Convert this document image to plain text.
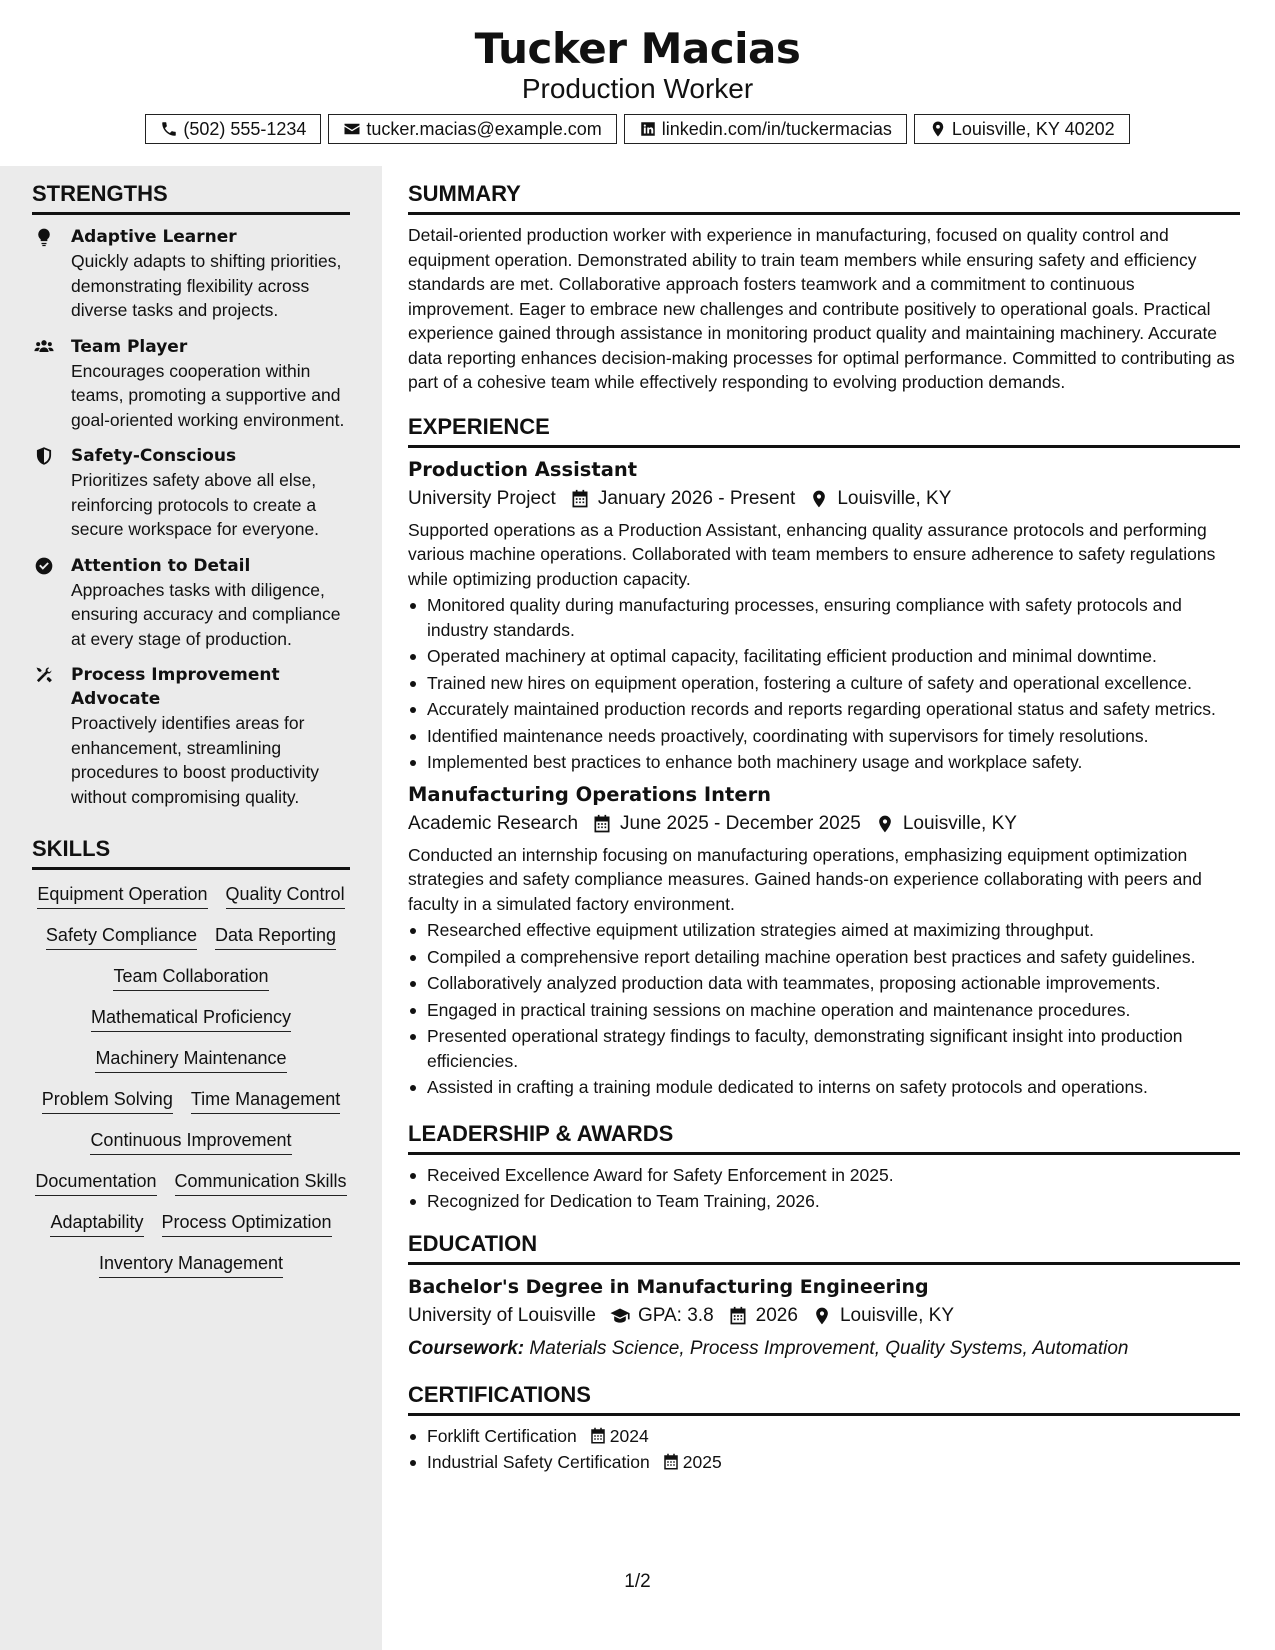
Tucker Macias
Production Worker
(502) 555-1234	tucker.macias@example.com	linkedin.com/in/tuckermacias	Louisville, KY 40202
STRENGTHS
Adaptive Learner
Quickly adapts to shifting priorities, demonstrating flexibility across diverse tasks and projects.
Team Player
Encourages cooperation within teams, promoting a supportive and goal-oriented working environment.
Safety-Conscious
Prioritizes safety above all else, reinforcing protocols to create a secure workspace for everyone.
Attention to Detail
Approaches tasks with diligence, ensuring accuracy and compliance at every stage of production.
Process Improvement Advocate
Proactively identifies areas for enhancement, streamlining procedures to boost productivity without compromising quality.
SKILLS
Equipment Operation Quality Control
Safety Compliance Data Reporting
Team Collaboration
Mathematical Proficiency
Machinery Maintenance
Problem Solving Time Management
Continuous Improvement
Documentation Communication Skills
Adaptability Process Optimization
Inventory Management
SUMMARY
Detail-oriented production worker with experience in manufacturing, focused on quality control and equipment operation. Demonstrated ability to train team members while ensuring safety and efficiency standards are met. Collaborative approach fosters teamwork and a commitment to continuous improvement. Eager to embrace new challenges and contribute positively to operational goals. Practical experience gained through assistance in monitoring product quality and maintaining machinery. Accurate data reporting enhances decision-making processes for optimal performance. Committed to contributing as part of a cohesive team while effectively responding to evolving production demands.
EXPERIENCE
Production Assistant
University Project January 2026 - Present Louisville, KY
Supported operations as a Production Assistant, enhancing quality assurance protocols and performing various machine operations. Collaborated with team members to ensure adherence to safety regulations while optimizing production capacity.
Monitored quality during manufacturing processes, ensuring compliance with safety protocols and industry standards.
Operated machinery at optimal capacity, facilitating efficient production and minimal downtime.
Trained new hires on equipment operation, fostering a culture of safety and operational excellence.
Accurately maintained production records and reports regarding operational status and safety metrics.
Identified maintenance needs proactively, coordinating with supervisors for timely resolutions.
Implemented best practices to enhance both machinery usage and workplace safety.
Manufacturing Operations Intern
Academic Research June 2025 - December 2025 Louisville, KY
Conducted an internship focusing on manufacturing operations, emphasizing equipment optimization strategies and safety compliance measures. Gained hands-on experience collaborating with peers and faculty in a simulated factory environment.
Researched effective equipment utilization strategies aimed at maximizing throughput.
Compiled a comprehensive report detailing machine operation best practices and safety guidelines.
Collaboratively analyzed production data with teammates, proposing actionable improvements.
Engaged in practical training sessions on machine operation and maintenance procedures.
Presented operational strategy findings to faculty, demonstrating significant insight into production efficiencies.
Assisted in crafting a training module dedicated to interns on safety protocols and operations.
LEADERSHIP & AWARDS
Received Excellence Award for Safety Enforcement in 2025.
Recognized for Dedication to Team Training, 2026.
EDUCATION
Bachelor's Degree in Manufacturing Engineering
University of Louisville GPA: 3.8 2026 Louisville, KY
Coursework: Materials Science, Process Improvement, Quality Systems, Automation
CERTIFICATIONS
Forklift Certification 2024
Industrial Safety Certification 2025
1/2
